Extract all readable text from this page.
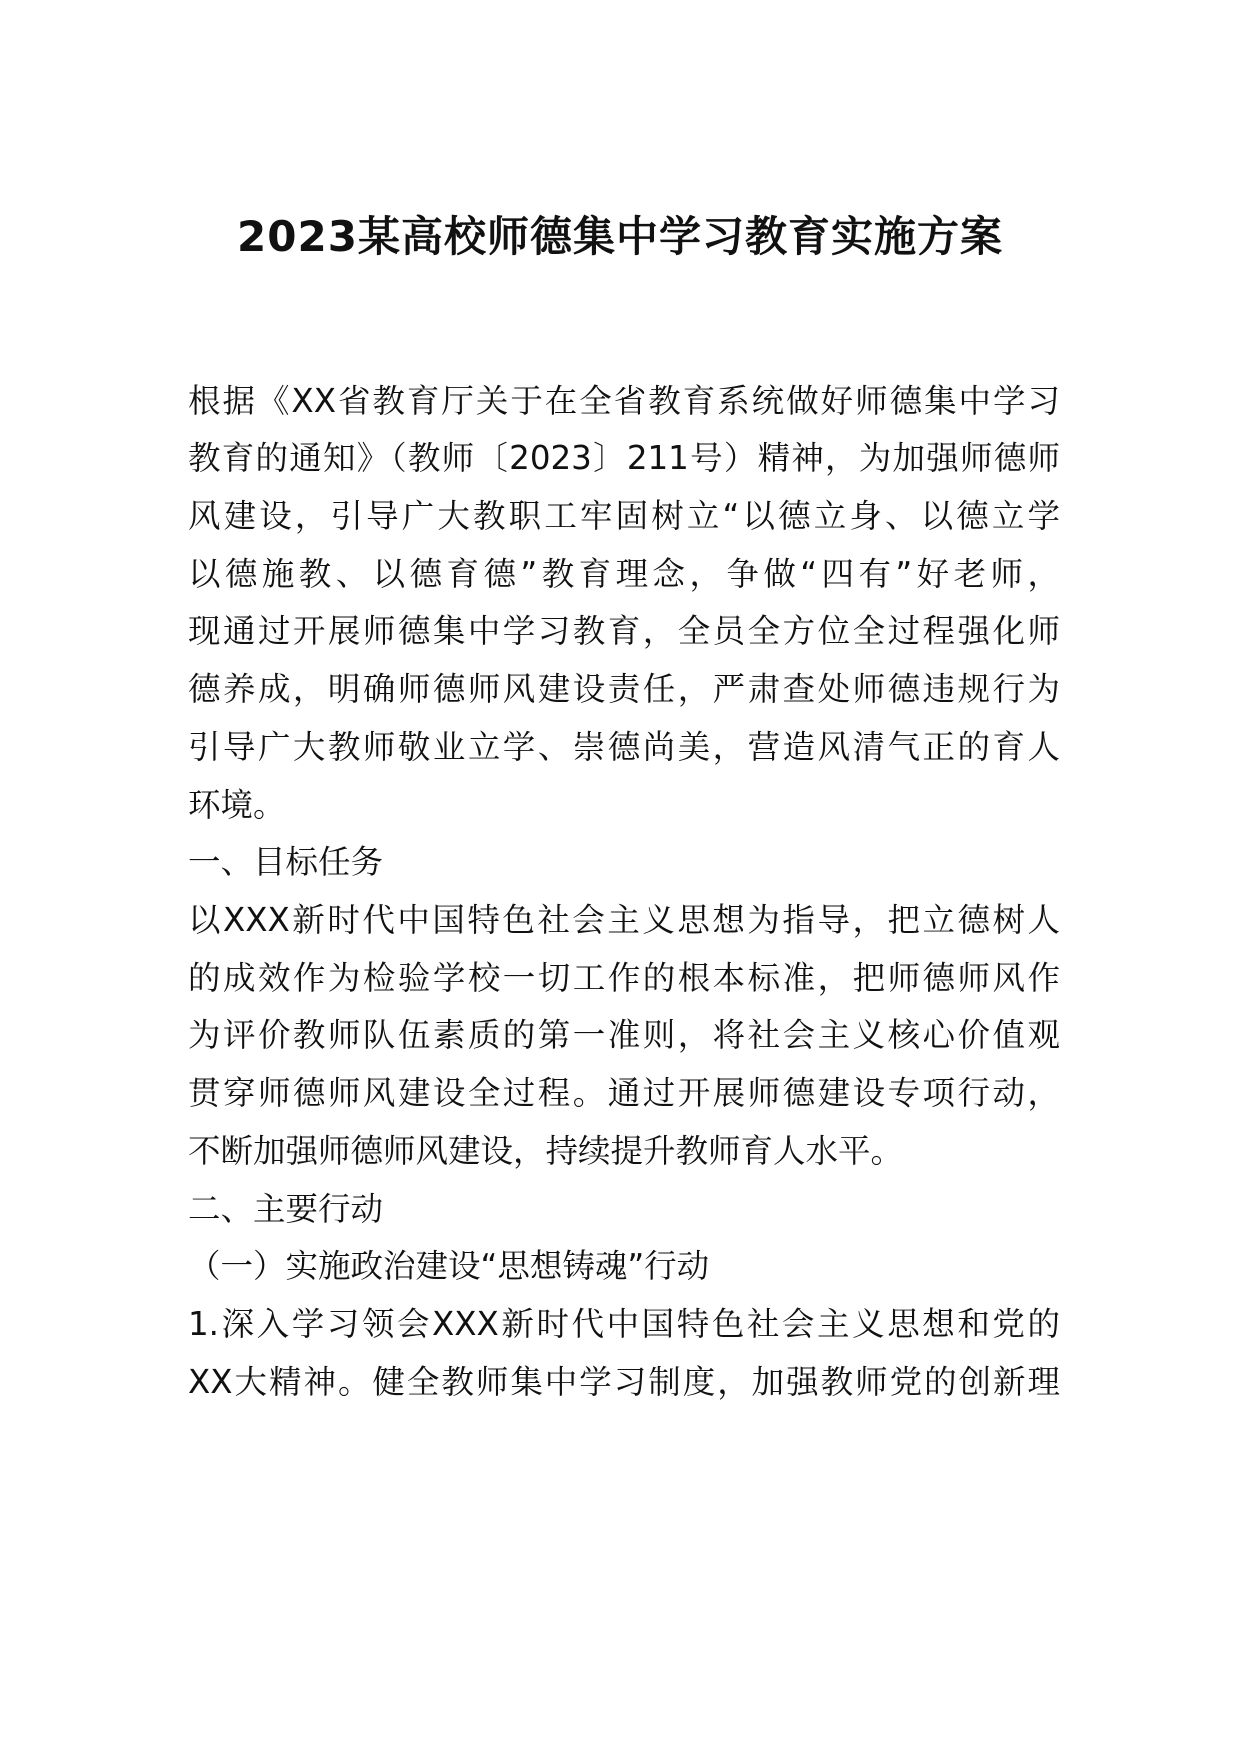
2023某高校师德集中学习教育实施方案
根据《XX省教育厅关于在全省教育系统做好师德集中学习
教育的通知》（教师〔2023〕211号）精神，为加强师德师
风建设，引导广大教职工牢固树立“以德立身、以德立学
以德施教、以德育德”教育理念，争做“四有”好老师，
现通过开展师德集中学习教育，全员全方位全过程强化师
德养成，明确师德师风建设责任，严肃查处师德违规行为
引导广大教师敬业立学、崇德尚美，营造风清气正的育人
环境。
一、目标任务
以XXX新时代中国特色社会主义思想为指导，把立德树人
的成效作为检验学校一切工作的根本标准，把师德师风作
为评价教师队伍素质的第一准则，将社会主义核心价值观
贯穿师德师风建设全过程。通过开展师德建设专项行动，
不断加强师德师风建设，持续提升教师育人水平。
二、主要行动
（一）实施政治建设“思想铸魂”行动
1.深入学习领会XXX新时代中国特色社会主义思想和党的
XX大精神。健全教师集中学习制度，加强教师党的创新理
